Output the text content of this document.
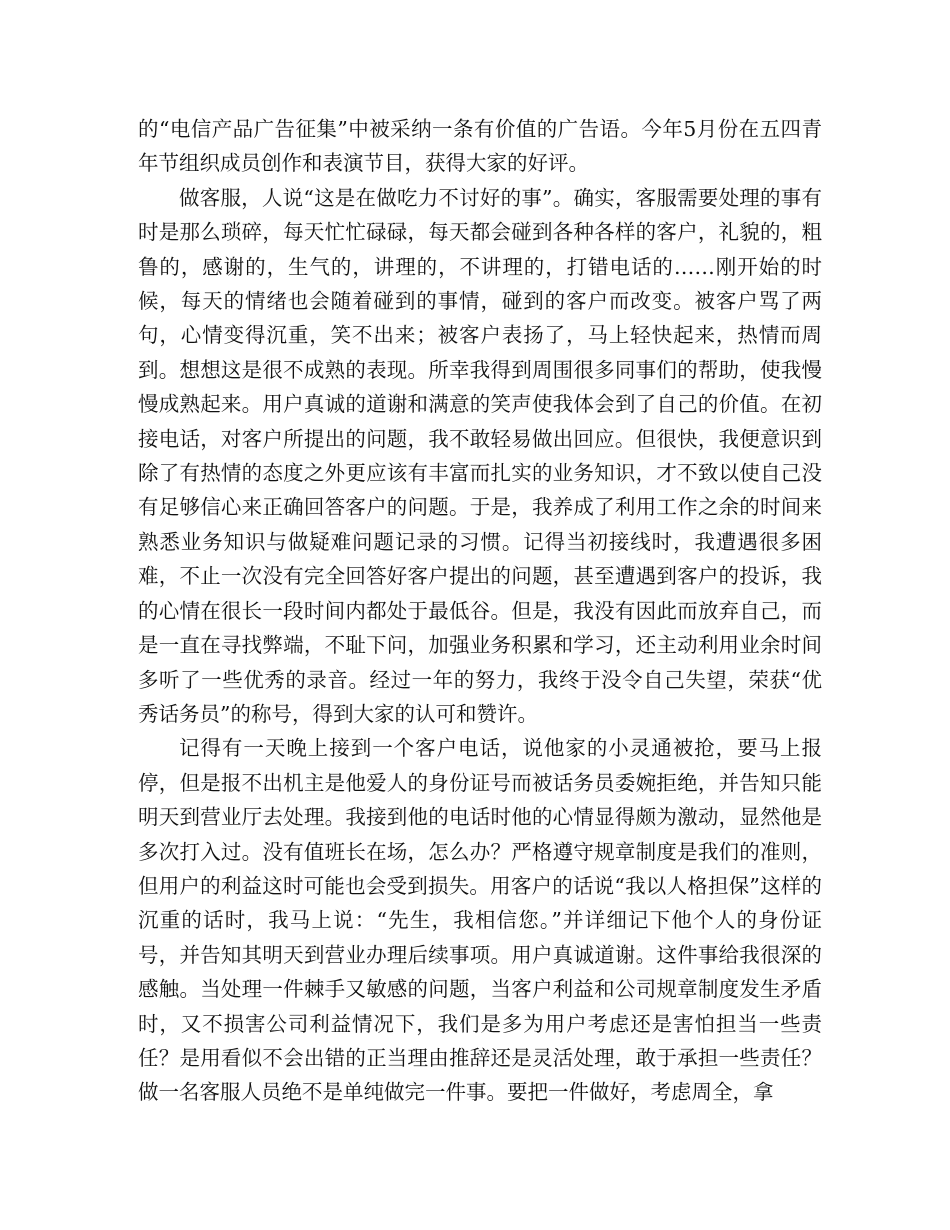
的“电信产品广告征集”中被采纳一条有价值的广告语。今年5月份在五四青年节组织成员创作和表演节目，获得大家的好评。

做客服，人说“这是在做吃力不讨好的事”。确实，客服需要处理的事有时是那么琐碎，每天忙忙碌碌，每天都会碰到各种各样的客户，礼貌的，粗鲁的，感谢的，生气的，讲理的，不讲理的，打错电话的……刚开始的时候，每天的情绪也会随着碰到的事情，碰到的客户而改变。被客户骂了两句，心情变得沉重，笑不出来；被客户表扬了，马上轻快起来，热情而周到。想想这是很不成熟的表现。所幸我得到周围很多同事们的帮助，使我慢慢成熟起来。用户真诚的道谢和满意的笑声使我体会到了自己的价值。在初接电话，对客户所提出的问题，我不敢轻易做出回应。但很快，我便意识到除了有热情的态度之外更应该有丰富而扎实的业务知识，才不致以使自己没有足够信心来正确回答客户的问题。于是，我养成了利用工作之余的时间来熟悉业务知识与做疑难问题记录的习惯。记得当初接线时，我遭遇很多困难，不止一次没有完全回答好客户提出的问题，甚至遭遇到客户的投诉，我的心情在很长一段时间内都处于最低谷。但是，我没有因此而放弃自己，而是一直在寻找弊端，不耻下问，加强业务积累和学习，还主动利用业余时间多听了一些优秀的录音。经过一年的努力，我终于没令自己失望，荣获“优秀话务员”的称号，得到大家的认可和赞许。

记得有一天晚上接到一个客户电话，说他家的小灵通被抢，要马上报停，但是报不出机主是他爱人的身份证号而被话务员委婉拒绝，并告知只能明天到营业厅去处理。我接到他的电话时他的心情显得颇为激动，显然他是多次打入过。没有值班长在场，怎么办？严格遵守规章制度是我们的准则，但用户的利益这时可能也会受到损失。用客户的话说“我以人格担保”这样的沉重的话时，我马上说：“先生，我相信您。”并详细记下他个人的身份证号，并告知其明天到营业办理后续事项。用户真诚道谢。这件事给我很深的感触。当处理一件棘手又敏感的问题，当客户利益和公司规章制度发生矛盾时，又不损害公司利益情况下，我们是多为用户考虑还是害怕担当一些责任？是用看似不会出错的正当理由推辞还是灵活处理，敢于承担一些责任？做一名客服人员绝不是单纯做完一件事。要把一件做好，考虑周全，拿
